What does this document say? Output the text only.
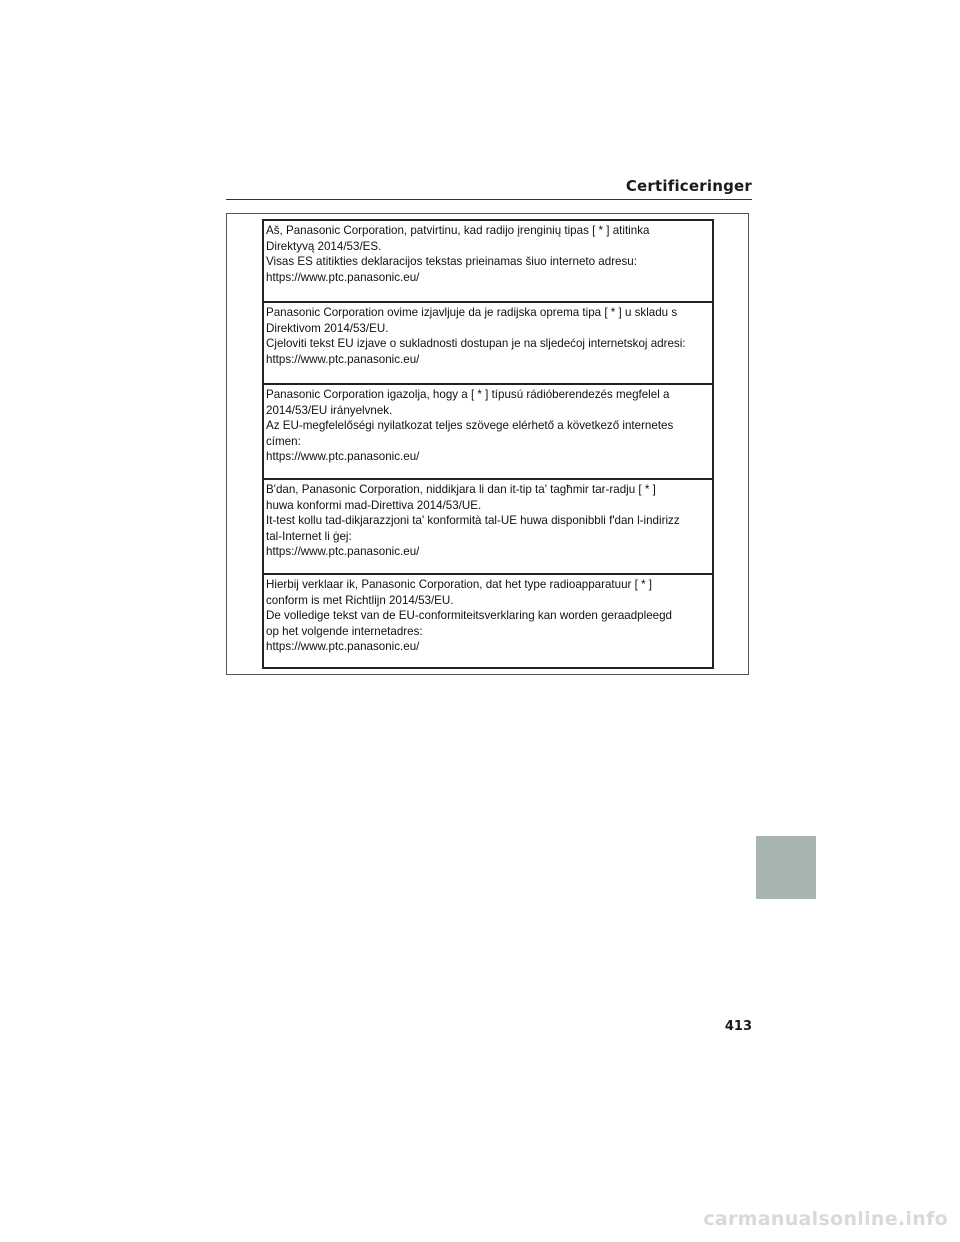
Certificeringer
Aš, Panasonic Corporation, patvirtinu, kad radijo įrenginių tipas [ * ] atitinka
Direktyvą 2014/53/ES.
Visas ES atitikties deklaracijos tekstas prieinamas šiuo interneto adresu:
https://www.ptc.panasonic.eu/
Panasonic Corporation ovime izjavljuje da je radijska oprema tipa [ * ] u skladu s
Direktivom 2014/53/EU.
Cjeloviti tekst EU izjave o sukladnosti dostupan je na sljedećoj internetskoj adresi:
https://www.ptc.panasonic.eu/
Panasonic Corporation igazolja, hogy a [ * ] típusú rádióberendezés megfelel a
2014/53/EU irányelvnek.
Az EU-megfelelőségi nyilatkozat teljes szövege elérhető a következő internetes
címen:
https://www.ptc.panasonic.eu/
B'dan, Panasonic Corporation, niddikjara li dan it-tip ta' tagħmir tar-radju [ * ]
huwa konformi mad-Direttiva 2014/53/UE.
It-test kollu tad-dikjarazzjoni ta' konformità tal-UE huwa disponibbli f'dan l-indirizz
tal-Internet li ġej:
https://www.ptc.panasonic.eu/
Hierbij verklaar ik, Panasonic Corporation, dat het type radioapparatuur [ * ]
conform is met Richtlijn 2014/53/EU.
De volledige tekst van de EU-conformiteitsverklaring kan worden geraadpleegd
op het volgende internetadres:
https://www.ptc.panasonic.eu/
413
carmanualsonline.info
